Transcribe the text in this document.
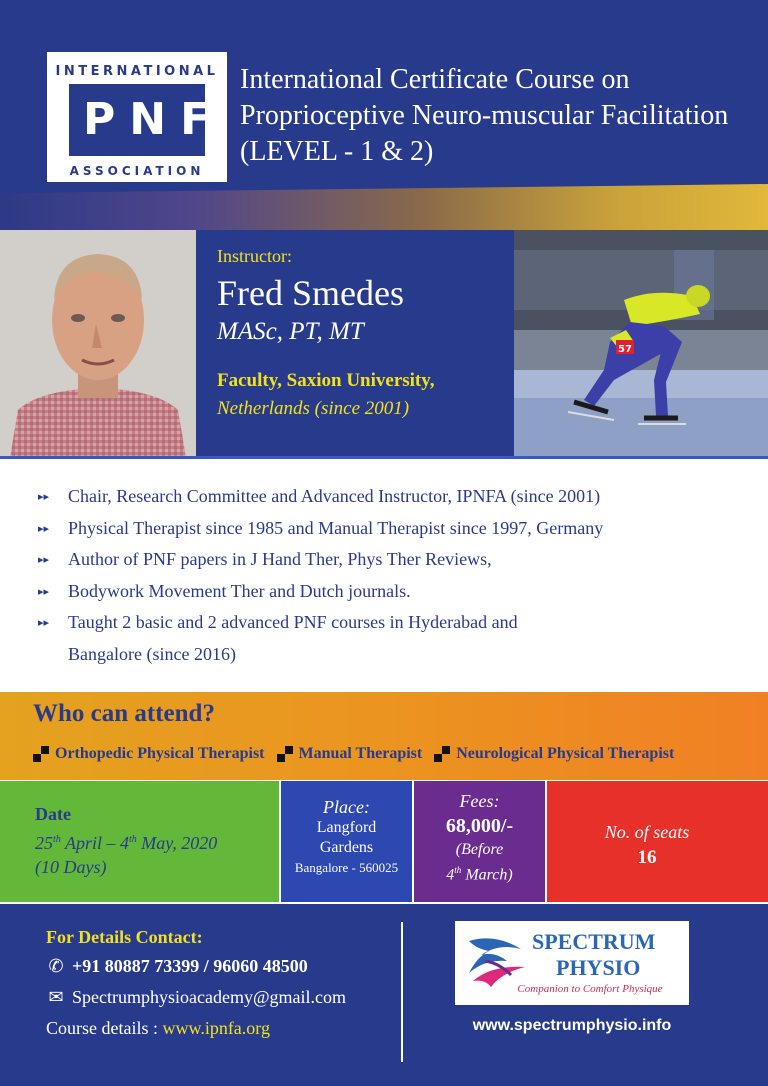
INTERNATIONAL
PNF
ASSOCIATION
International Certificate Course on
Proprioceptive Neuro-muscular Facilitation
(LEVEL - 1 & 2)
Instructor:
Fred Smedes
MASc, PT, MT
Faculty, Saxion University,
Netherlands (since 2001)
57
▸▸ Chair, Research Committee and Advanced Instructor, IPNFA (since 2001)
▸▸ Physical Therapist since 1985 and Manual Therapist since 1997, Germany
▸▸ Author of PNF papers in J Hand Ther, Phys Ther Reviews,
▸▸ Bodywork Movement Ther and Dutch journals.
▸▸ Taught 2 basic and 2 advanced PNF courses in Hyderabad and
Bangalore (since 2016)
Who can attend?
Orthopedic Physical Therapist Manual Therapist Neurological Physical Therapist
Date
25th April – 4th May, 2020
(10 Days)
Place:
Langford
Gardens
Bangalore - 560025
Fees:
68,000/-
(Before
4th March)
No. of seats
16
For Details Contact:
✆ +91 80887 73399 / 96060 48500
✉ Spectrumphysioacademy@gmail.com
Course details : www.ipnfa.org
SPECTRUM
PHYSIO
Companion to Comfort Physique
www.spectrumphysio.info
